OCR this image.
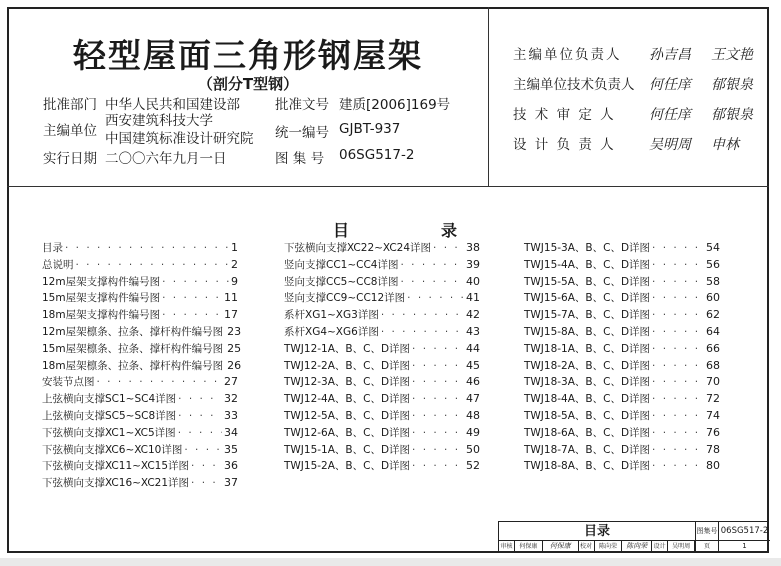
轻型屋面三角形钢屋架
（剖分T型钢）
批准部门 中华人民共和国建设部
主编单位
西安建筑科技大学
中国建筑标准设计研究院
实行日期 二〇〇六年九月一日
批准文号 建质[2006]169号
统一编号 GJBT-937
图 集 号 06SG517-2
主编单位负责人 孙吉昌 王文艳
主编单位技术负责人 何任庠 郁银泉
技 术 审 定 人 何任庠 郁银泉
设 计 负 责 人 吴明周 申林
目	录
目录 · · ·	1
总说明 · · ·	2
12m屋架支撑构件编号图 · · ·	9
15m屋架支撑构件编号图 · · ·	11
18m屋架支撑构件编号图 · · ·	17
12m屋架檩条、拉条、撑杆构件编号图 23
15m屋架檩条、拉条、撑杆构件编号图 25
18m屋架檩条、拉条、撑杆构件编号图 26
安装节点图 · · ·	27
上弦横向支撑SC1~SC4详图 · · ·	32
上弦横向支撑SC5~SC8详图 · · ·	33
下弦横向支撑XC1~XC5详图 · · ·	34
下弦横向支撑XC6~XC10详图 · · ·	35
下弦横向支撑XC11~XC15详图 · · ·	36
下弦横向支撑XC16~XC21详图 · · ·	37
下弦横向支撑XC22~XC24详图 · · ·	38
竖向支撑CC1~CC4详图 · · ·	39
竖向支撑CC5~CC8详图 · · ·	40
竖向支撑CC9~CC12详图 · · ·	41
系杆XG1~XG3详图 · · ·	42
系杆XG4~XG6详图 · · ·	43
TWJ12-1A、B、C、D详图 · · ·	44
TWJ12-2A、B、C、D详图 · · ·	45
TWJ12-3A、B、C、D详图 · · ·	46
TWJ12-4A、B、C、D详图 · · ·	47
TWJ12-5A、B、C、D详图 · · ·	48
TWJ12-6A、B、C、D详图 · · ·	49
TWJ15-1A、B、C、D详图 · · ·	50
TWJ15-2A、B、C、D详图 · · ·	52
TWJ15-3A、B、C、D详图 · · ·	54
TWJ15-4A、B、C、D详图 · · ·	56
TWJ15-5A、B、C、D详图 · · ·	58
TWJ15-6A、B、C、D详图 · · ·	60
TWJ15-7A、B、C、D详图 · · ·	62
TWJ15-8A、B、C、D详图 · · ·	64
TWJ18-1A、B、C、D详图 · · ·	66
TWJ18-2A、B、C、D详图 · · ·	68
TWJ18-3A、B、C、D详图 · · ·	70
TWJ18-4A、B、C、D详图 · · ·	72
TWJ18-5A、B、C、D详图 · · ·	74
TWJ18-6A、B、C、D详图 · · ·	76
TWJ18-7A、B、C、D详图 · · ·	78
TWJ18-8A、B、C、D详图 · · ·	80
目录	图集号 06SG517-2
审核	何保康	何保康	校对	陈向荣	陈向荣	设计	吴明周	页	1
